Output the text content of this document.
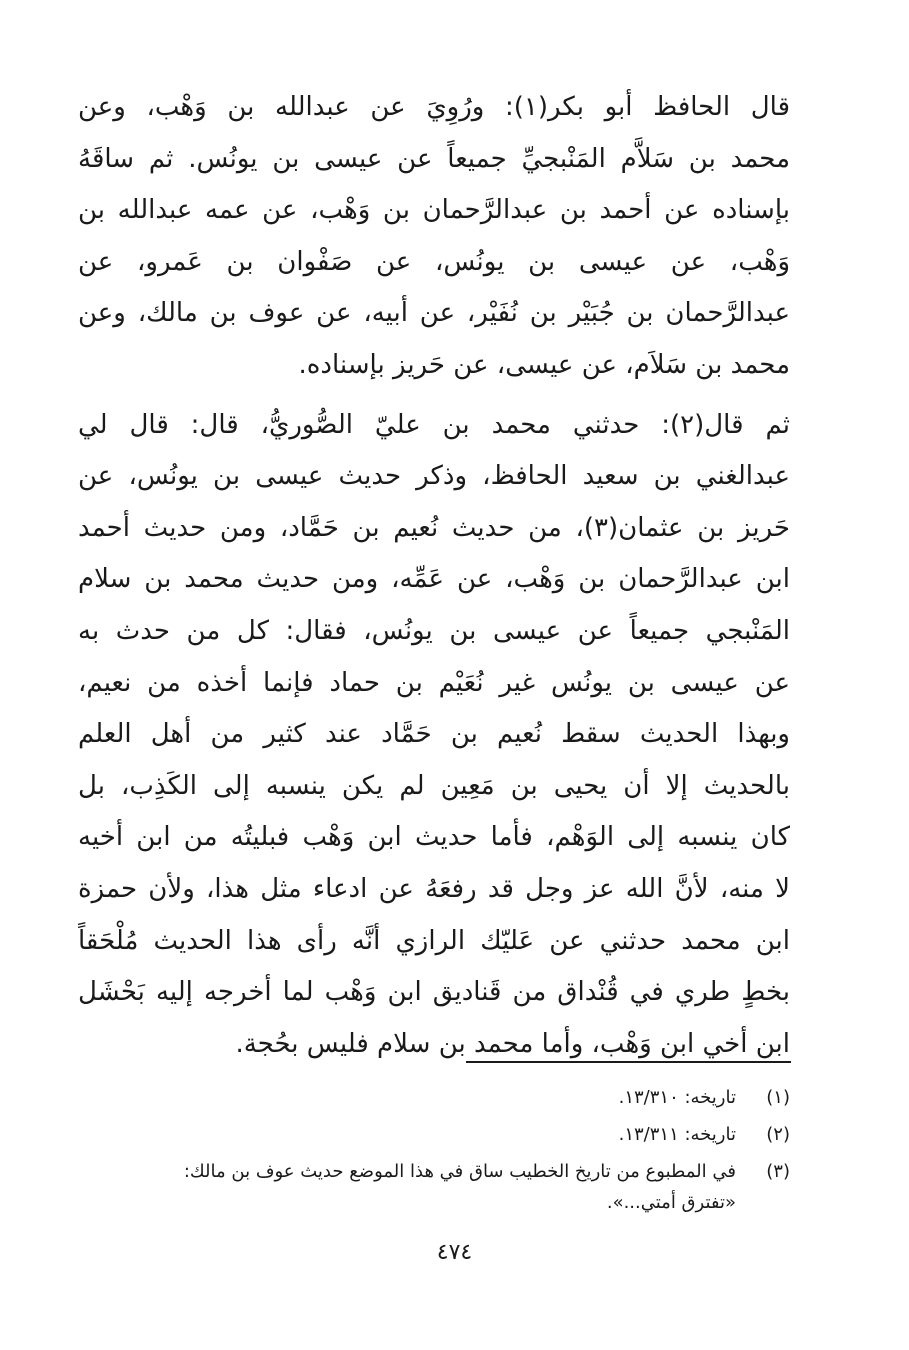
قال الحافظ أبو بكر(١): ورُوِيَ عن عبدالله بن وَهْب، وعن
محمد بن سَلاَّم المَنْبجيِّ جميعاً عن عيسى بن يونُس. ثم ساقَهُ
بإسناده عن أحمد بن عبدالرَّحمان بن وَهْب، عن عمه عبدالله بن
وَهْب، عن عيسى بن يونُس، عن صَفْوان بن عَمرو، عن
عبدالرَّحمان بن جُبَيْر بن نُفَيْر، عن أبيه، عن عوف بن مالك، وعن
محمد بن سَلاَم، عن عيسى، عن حَريز بإسناده.
ثم قال(٢): حدثني محمد بن عليّ الصُّوريُّ، قال: قال لي
عبدالغني بن سعيد الحافظ، وذكر حديث عيسى بن يونُس، عن
حَريز بن عثمان(٣)، من حديث نُعيم بن حَمَّاد، ومن حديث أحمد
ابن عبدالرَّحمان بن وَهْب، عن عَمِّه، ومن حديث محمد بن سلام
المَنْبجي جميعاً عن عيسى بن يونُس، فقال: كل من حدث به
عن عيسى بن يونُس غير نُعَيْم بن حماد فإنما أخذه من نعيم،
وبهذا الحديث سقط نُعيم بن حَمَّاد عند كثير من أهل العلم
بالحديث إلا أن يحيى بن مَعِين لم يكن ينسبه إلى الكَذِب، بل
كان ينسبه إلى الوَهْم، فأما حديث ابن وَهْب فبليتُه من ابن أخيه
لا منه، لأنَّ الله عز وجل قد رفعَهُ عن ادعاء مثل هذا، ولأن حمزة
ابن محمد حدثني عن عَليّك الرازي أنَّه رأى هذا الحديث مُلْحَقاً
بخطٍ طري في قُنْداق من قَناديق ابن وَهْب لما أخرجه إليه بَحْشَل
ابن أخي ابن وَهْب، وأما محمد بن سلام فليس بحُجة.
(١)
تاريخه: ١٣/٣١٠.
(٢)
تاريخه: ١٣/٣١١.
(٣)
في المطبوع من تاريخ الخطيب ساق في هذا الموضع حديث عوف بن مالك:
«تفترق أمتي...».
٤٧٤
